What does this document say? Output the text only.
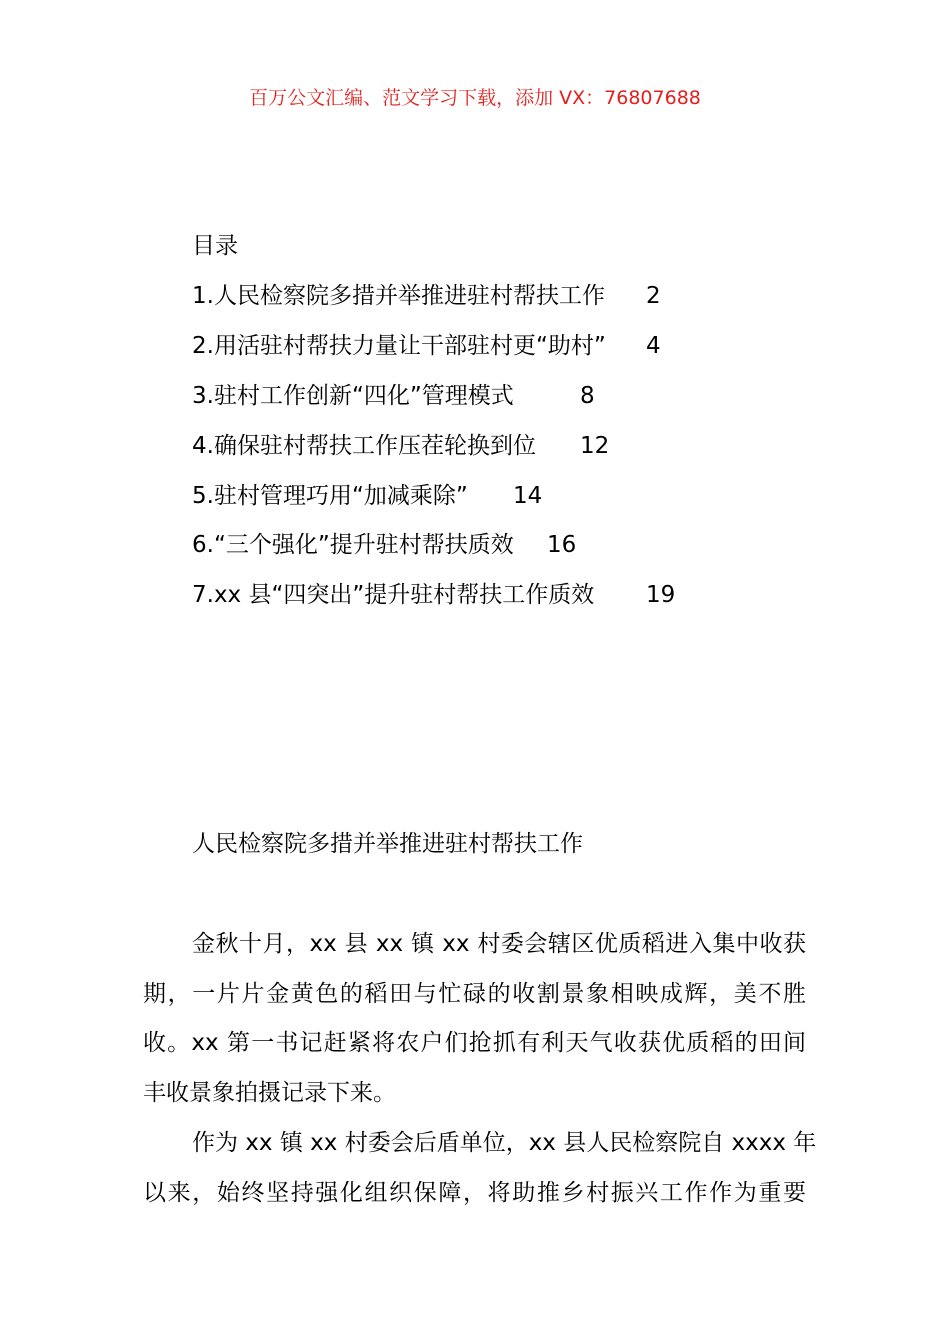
百万公文汇编、范文学习下载，添加 VX：76807688
目录
1.人民检察院多措并举推进驻村帮扶工作 2
2.用活驻村帮扶力量让干部驻村更“助村” 4
3.驻村工作创新“四化”管理模式	8
4.确保驻村帮扶工作压茬轮换到位 12
5.驻村管理巧用“加减乘除” 14
6.“三个强化”提升驻村帮扶质效 16
7.xx 县“四突出”提升驻村帮扶工作质效 19
人民检察院多措并举推进驻村帮扶工作
金秋十月，xx 县 xx 镇 xx 村委会辖区优质稻进入集中收获
期，一片片金黄色的稻田与忙碌的收割景象相映成辉，美不胜
收。xx 第一书记赶紧将农户们抢抓有利天气收获优质稻的田间
丰收景象拍摄记录下来。
作为 xx 镇 xx 村委会后盾单位，xx 县人民检察院自 xxxx 年
以来，始终坚持强化组织保障，将助推乡村振兴工作作为重要
